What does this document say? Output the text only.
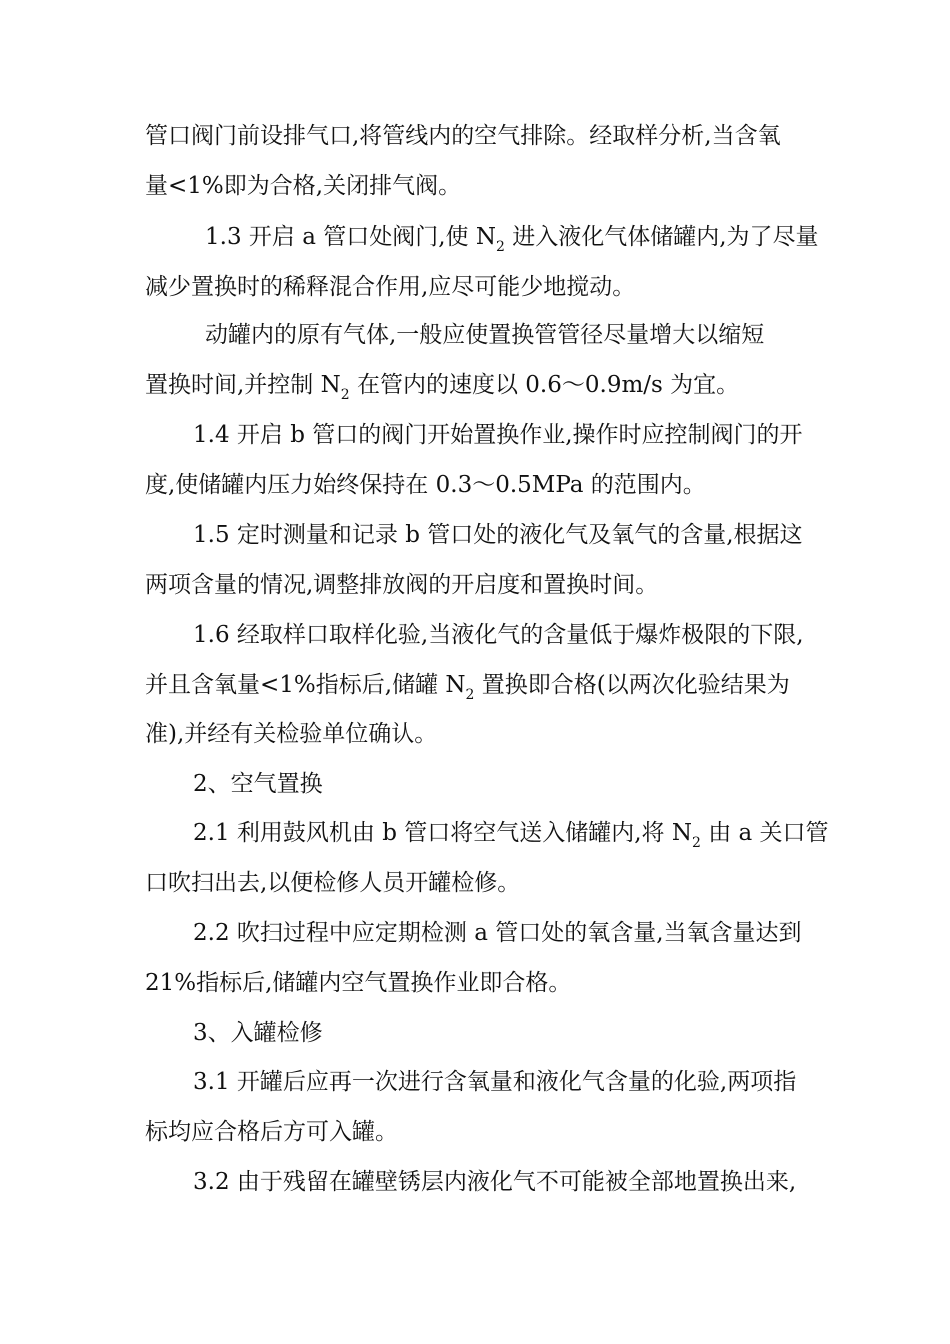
管口阀门前设排气口,将管线内的空气排除。经取样分析,当含氧
量<1%即为合格,关闭排气阀。
1.3 开启 a 管口处阀门,使 $N_2$ 进入液化气体储罐内,为了尽量
减少置换时的稀释混合作用,应尽可能少地搅动。
动罐内的原有气体,一般应使置换管管径尽量增大以缩短
置换时间,并控制 $N_2$ 在管内的速度以 0.6～0.9m/s 为宜。
1.4 开启 b 管口的阀门开始置换作业,操作时应控制阀门的开
度,使储罐内压力始终保持在 0.3～0.5MPa 的范围内。
1.5 定时测量和记录 b 管口处的液化气及氧气的含量,根据这
两项含量的情况,调整排放阀的开启度和置换时间。
1.6 经取样口取样化验,当液化气的含量低于爆炸极限的下限,
并且含氧量<1%指标后,储罐 $N_2$ 置换即合格(以两次化验结果为
准),并经有关检验单位确认。
2、空气置换
2.1 利用鼓风机由 b 管口将空气送入储罐内,将 $N_2$ 由 a 关口管
口吹扫出去,以便检修人员开罐检修。
2.2 吹扫过程中应定期检测 a 管口处的氧含量,当氧含量达到
21%指标后,储罐内空气置换作业即合格。
3、入罐检修
3.1 开罐后应再一次进行含氧量和液化气含量的化验,两项指
标均应合格后方可入罐。
3.2 由于残留在罐壁锈层内液化气不可能被全部地置换出来,
